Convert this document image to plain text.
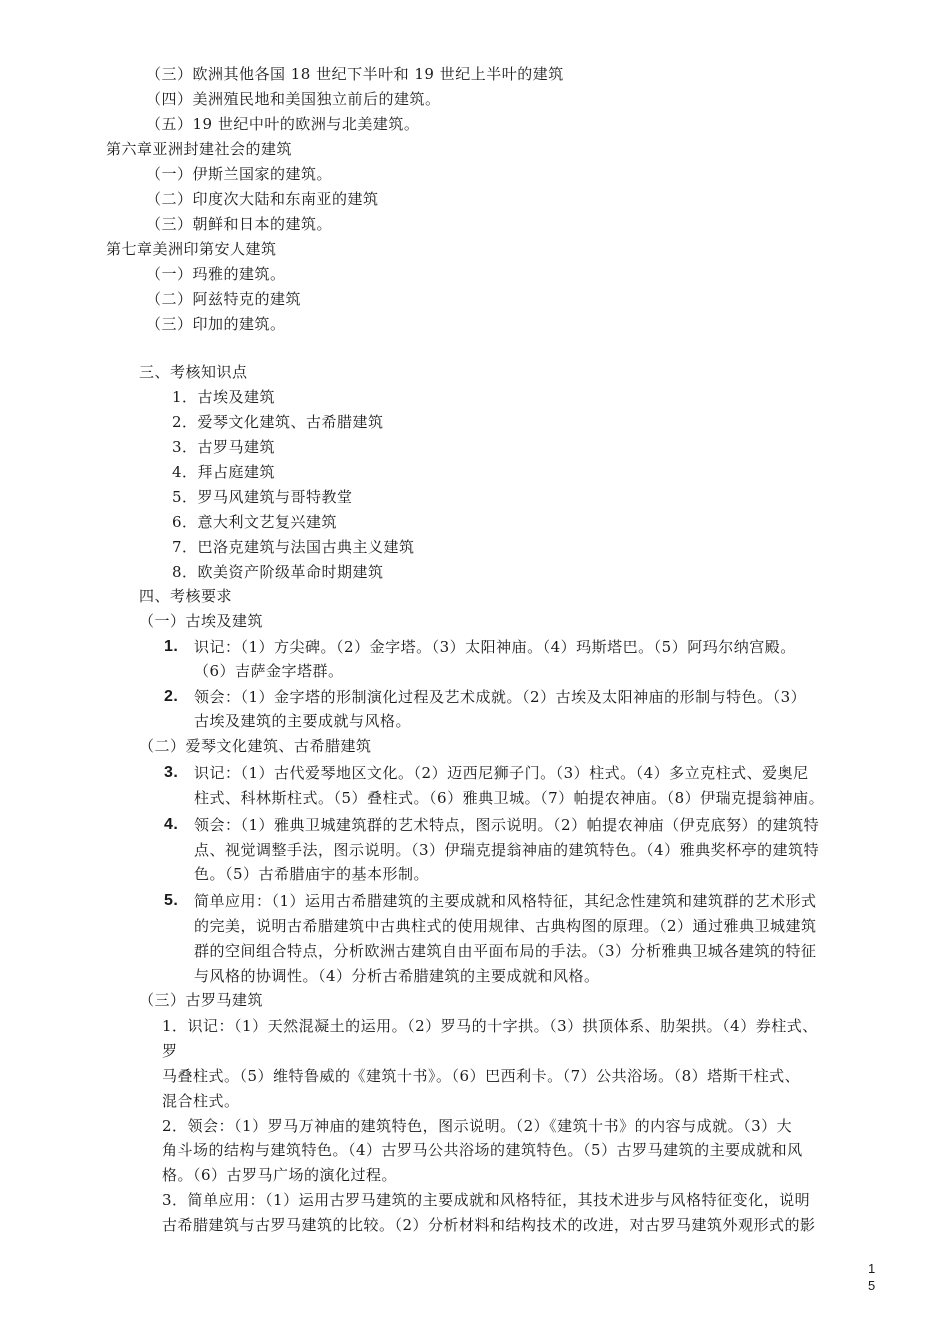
（三）欧洲其他各国 18 世纪下半叶和 19 世纪上半叶的建筑
（四）美洲殖民地和美国独立前后的建筑。
（五）19 世纪中叶的欧洲与北美建筑。
第六章亚洲封建社会的建筑
（一）伊斯兰国家的建筑。
（二）印度次大陆和东南亚的建筑
（三）朝鲜和日本的建筑。
第七章美洲印第安人建筑
（一）玛雅的建筑。
（二）阿兹特克的建筑
（三）印加的建筑。
三、考核知识点
1．古埃及建筑
2．爱琴文化建筑、古希腊建筑
3．古罗马建筑
4．拜占庭建筑
5．罗马风建筑与哥特教堂
6．意大利文艺复兴建筑
7．巴洛克建筑与法国古典主义建筑
8．欧美资产阶级革命时期建筑
四、考核要求
（一）古埃及建筑
1. 识记：（1）方尖碑。（2）金字塔。（3）太阳神庙。（4）玛斯塔巴。（5）阿玛尔纳宫殿。
（6）吉萨金字塔群。
2. 领会：（1）金字塔的形制演化过程及艺术成就。（2）古埃及太阳神庙的形制与特色。（3）
古埃及建筑的主要成就与风格。
（二）爱琴文化建筑、古希腊建筑
3. 识记：（1）古代爱琴地区文化。（2）迈西尼狮子门。（3）柱式。（4）多立克柱式、爱奥尼
柱式、科林斯柱式。（5）叠柱式。（6）雅典卫城。（7）帕提农神庙。（8）伊瑞克提翁神庙。
4. 领会：（1）雅典卫城建筑群的艺术特点，图示说明。（2）帕提农神庙（伊克底努）的建筑特
点、视觉调整手法，图示说明。（3）伊瑞克提翁神庙的建筑特色。（4）雅典奖杯亭的建筑特
色。（5）古希腊庙宇的基本形制。
5. 简单应用：（1）运用古希腊建筑的主要成就和风格特征，其纪念性建筑和建筑群的艺术形式
的完美，说明古希腊建筑中古典柱式的使用规律、古典构图的原理。（2）通过雅典卫城建筑
群的空间组合特点，分析欧洲古建筑自由平面布局的手法。（3）分析雅典卫城各建筑的特征
与风格的协调性。（4）分析古希腊建筑的主要成就和风格。
（三）古罗马建筑
1．识记：（1）天然混凝土的运用。（2）罗马的十字拱。（3）拱顶体系、肋架拱。（4）券柱式、
罗
马叠柱式。（5）维特鲁威的《建筑十书》。（6）巴西利卡。（7）公共浴场。（8）塔斯干柱式、
混合柱式。
2．领会：（1）罗马万神庙的建筑特色，图示说明。（2）《建筑十书》的内容与成就。（3）大
角斗场的结构与建筑特色。（4）古罗马公共浴场的建筑特色。（5）古罗马建筑的主要成就和风
格。（6）古罗马广场的演化过程。
3．简单应用：（1）运用古罗马建筑的主要成就和风格特征，其技术进步与风格特征变化，说明
古希腊建筑与古罗马建筑的比较。（2）分析材料和结构技术的改进，对古罗马建筑外观形式的影
1
5
